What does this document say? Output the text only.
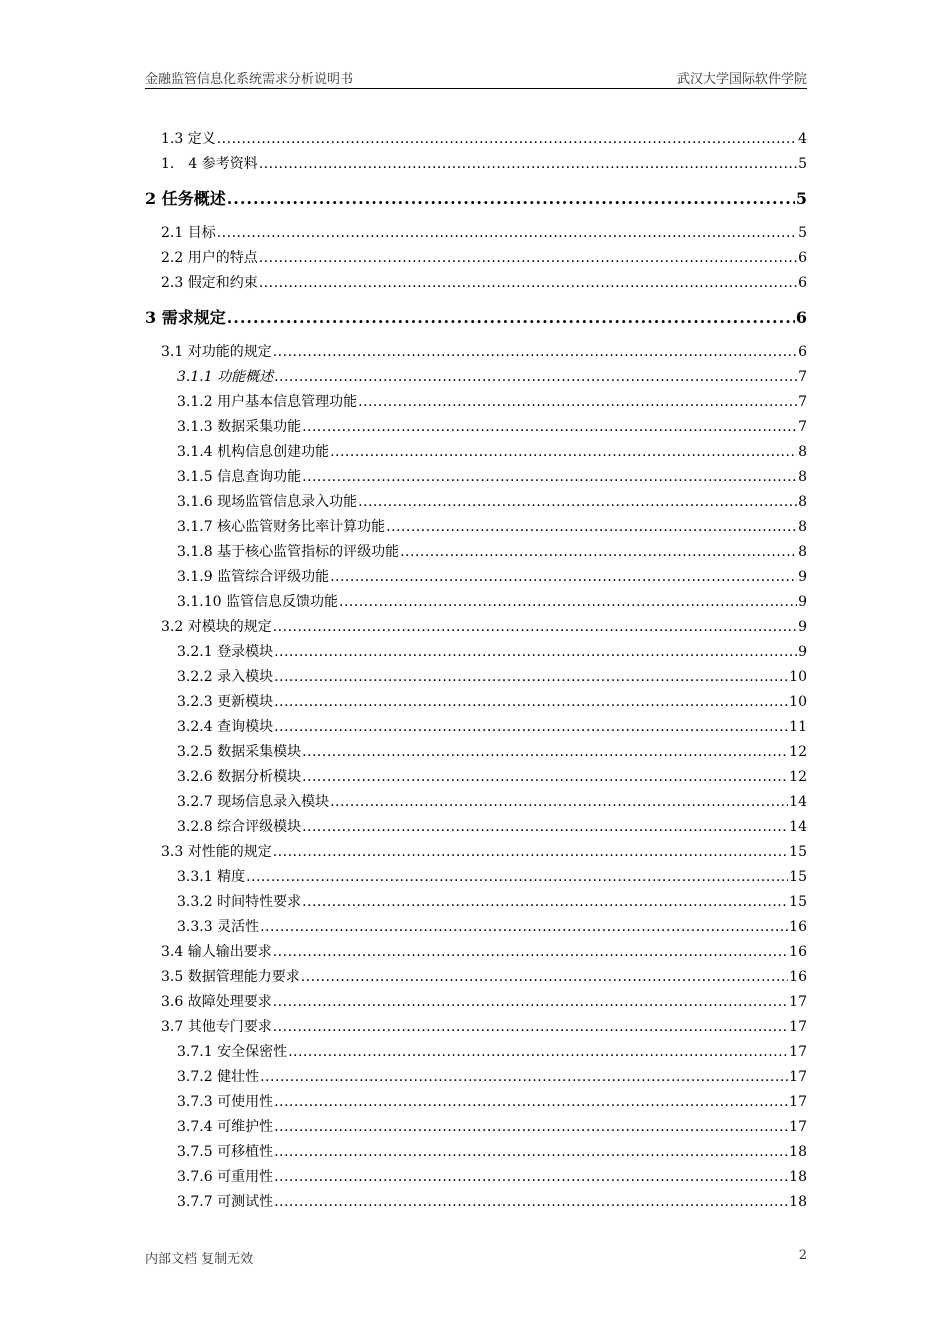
金融监管信息化系统需求分析说明书	武汉大学国际软件学院
1.3 定义 .....	4
1.　4 参考资料 .....	5
2 任务概述 .....	5
2.1 目标 .....	5
2.2 用户的特点 .....	6
2.3 假定和约束 .....	6
3 需求规定 .....	6
3.1 对功能的规定 .....	6
3.1.1 功能概述 .....	7
3.1.2 用户基本信息管理功能 .....	7
3.1.3 数据采集功能 .....	7
3.1.4 机构信息创建功能 .....	8
3.1.5 信息查询功能 .....	8
3.1.6 现场监管信息录入功能 .....	8
3.1.7 核心监管财务比率计算功能 .....	8
3.1.8 基于核心监管指标的评级功能 .....	8
3.1.9 监管综合评级功能 .....	9
3.1.10 监管信息反馈功能 .....	9
3.2 对模块的规定 .....	9
3.2.1 登录模块 .....	9
3.2.2 录入模块 .....	10
3.2.3 更新模块 .....	10
3.2.4 查询模块 .....	11
3.2.5 数据采集模块 .....	12
3.2.6 数据分析模块 .....	12
3.2.7 现场信息录入模块 .....	14
3.2.8 综合评级模块 .....	14
3.3 对性能的规定 .....	15
3.3.1 精度 .....	15
3.3.2 时间特性要求 .....	15
3.3.3 灵活性 .....	16
3.4 输人输出要求 .....	16
3.5 数据管理能力要求 .....	16
3.6 故障处理要求 .....	17
3.7 其他专门要求 .....	17
3.7.1 安全保密性 .....	17
3.7.2 健壮性 .....	17
3.7.3 可使用性 .....	17
3.7.4 可维护性 .....	17
3.7.5 可移植性 .....	18
3.7.6 可重用性 .....	18
3.7.7 可测试性 .....	18
内部文档 复制无效	2
